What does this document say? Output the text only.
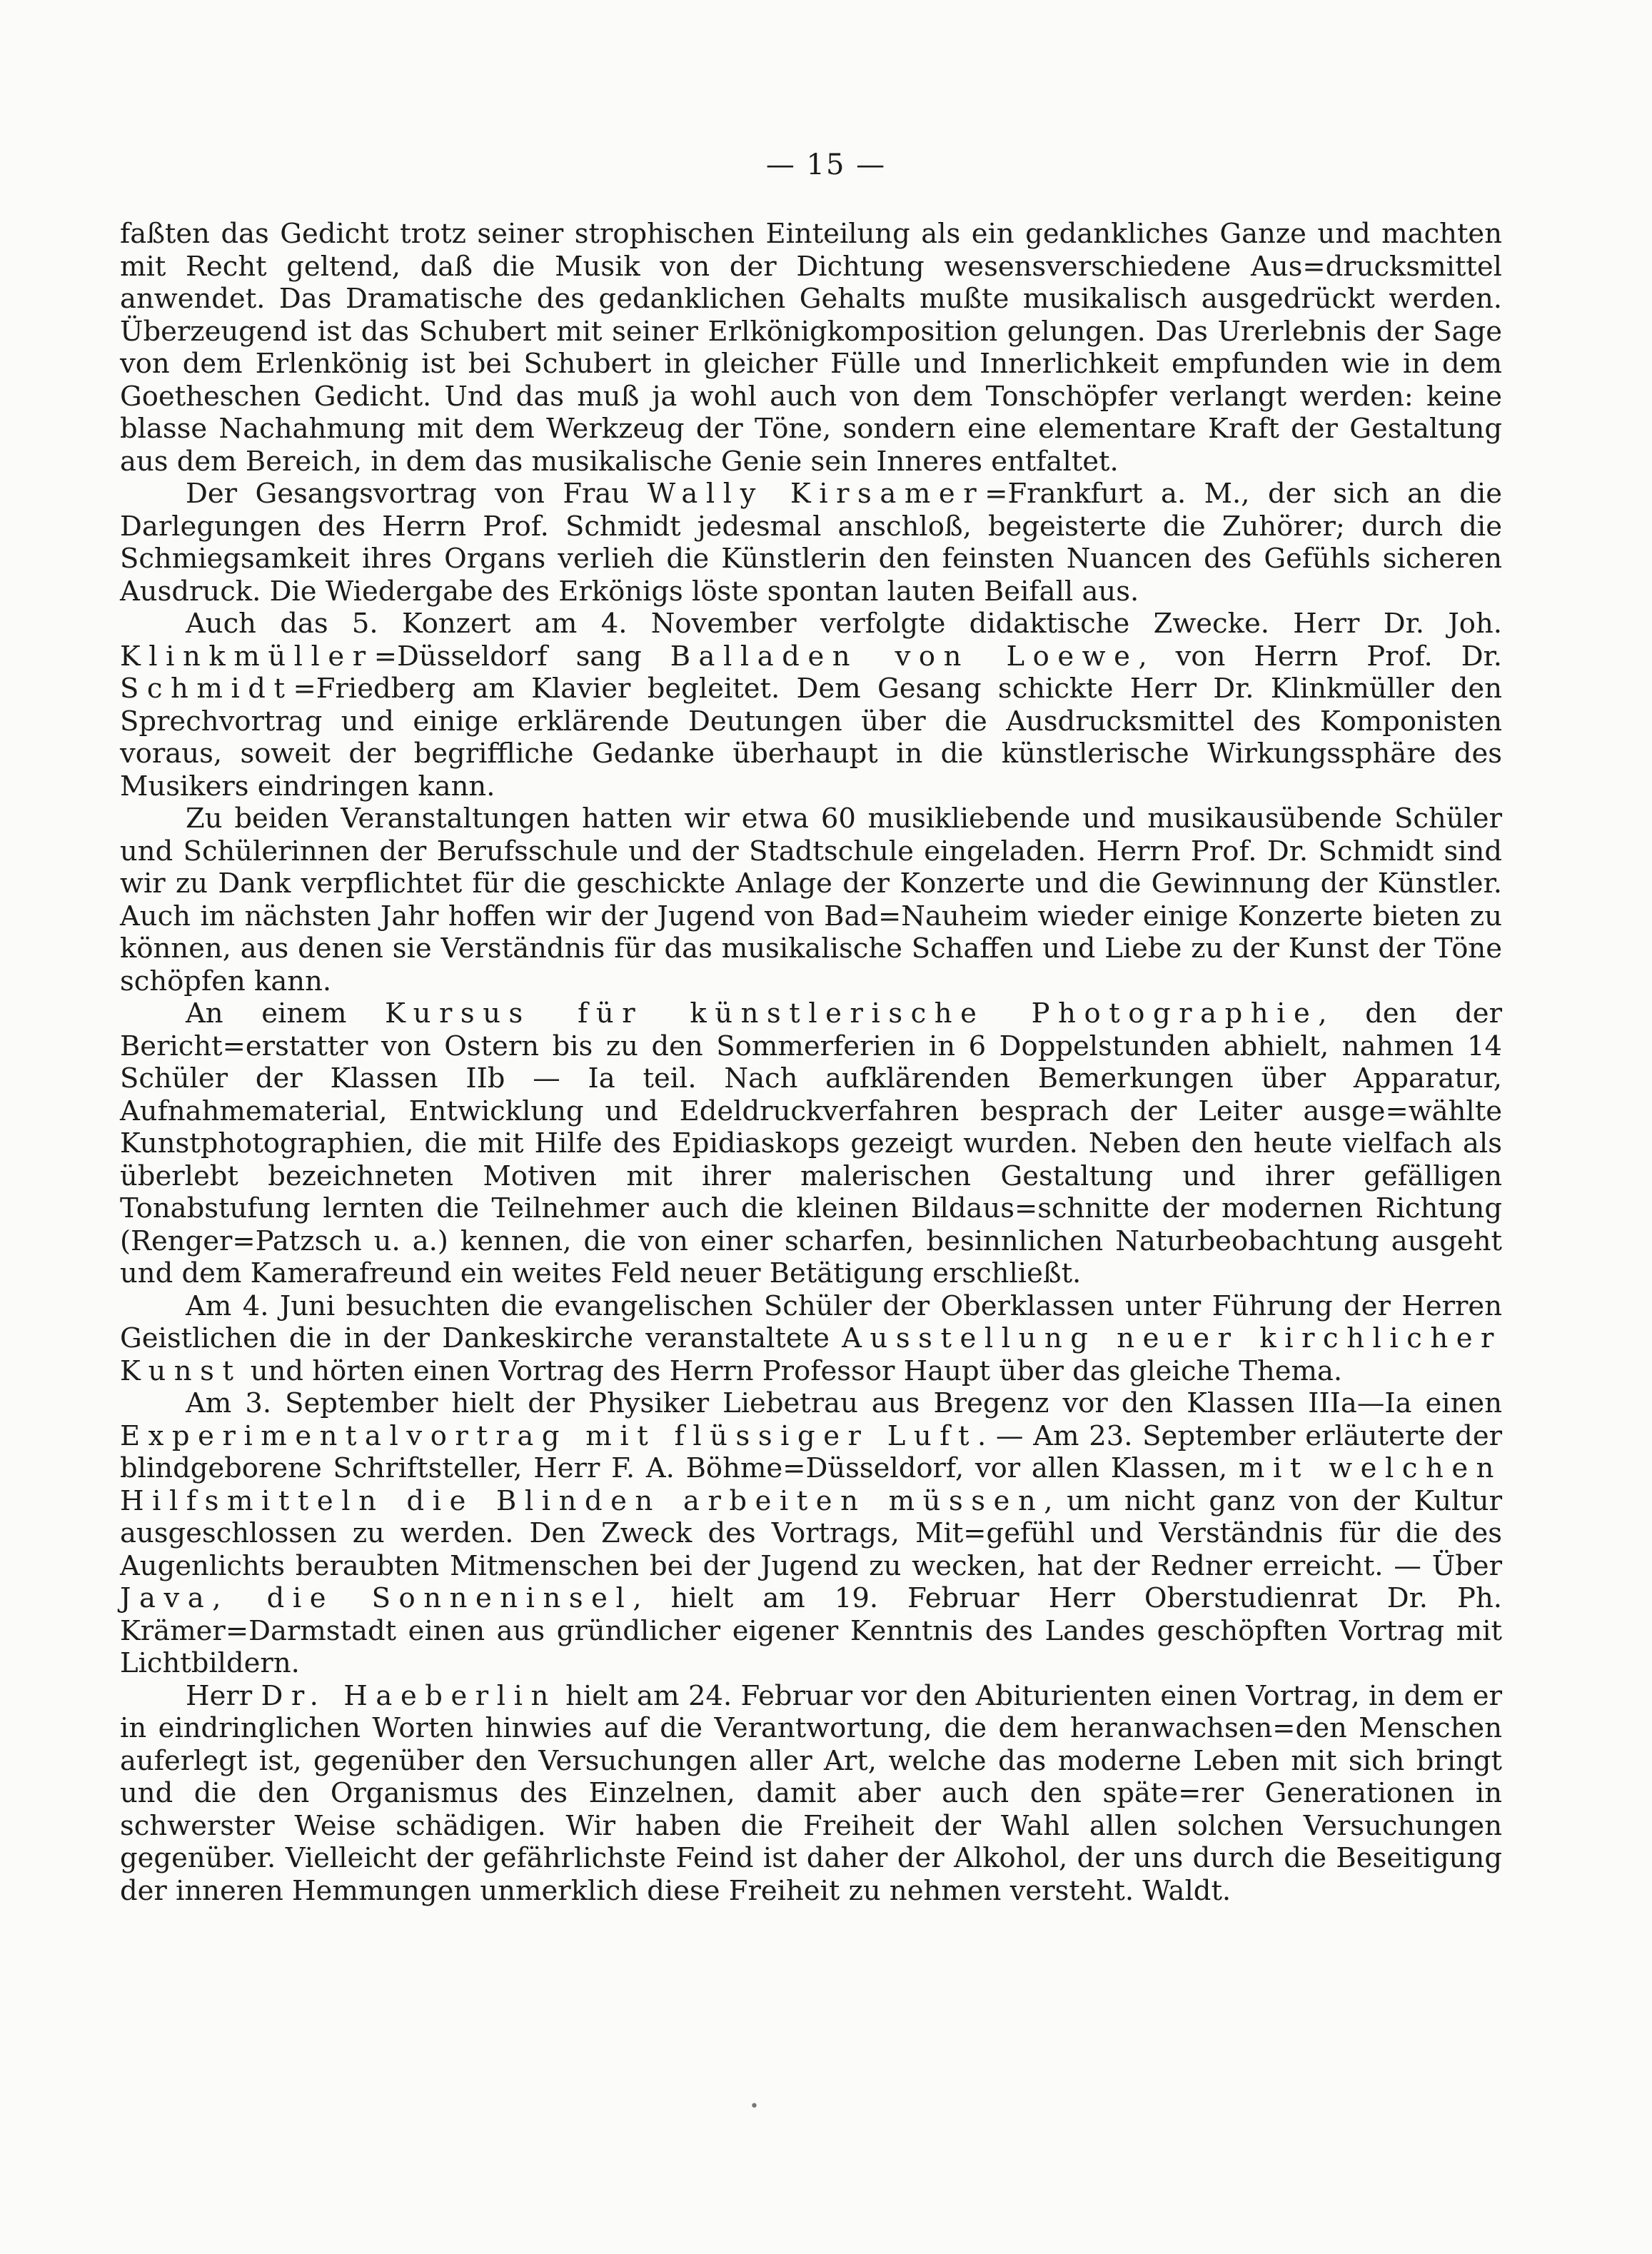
— 15 —

faßten das Gedicht trotz seiner strophischen Einteilung als ein gedankliches Ganze und machten mit Recht geltend, daß die Musik von der Dichtung wesensverschiedene Aus=drucksmittel anwendet. Das Dramatische des gedanklichen Gehalts mußte musikalisch ausgedrückt werden. Überzeugend ist das Schubert mit seiner Erlkönigkomposition gelungen. Das Urerlebnis der Sage von dem Erlenkönig ist bei Schubert in gleicher Fülle und Innerlichkeit empfunden wie in dem Goetheschen Gedicht. Und das muß ja wohl auch von dem Tonschöpfer verlangt werden: keine blasse Nachahmung mit dem Werkzeug der Töne, sondern eine elementare Kraft der Gestaltung aus dem Bereich, in dem das musikalische Genie sein Inneres entfaltet.

Der Gesangsvortrag von Frau Wally Kirsamer=Frankfurt a. M., der sich an die Darlegungen des Herrn Prof. Schmidt jedesmal anschloß, begeisterte die Zuhörer; durch die Schmiegsamkeit ihres Organs verlieh die Künstlerin den feinsten Nuancen des Gefühls sicheren Ausdruck. Die Wiedergabe des Erkönigs löste spontan lauten Beifall aus.

Auch das 5. Konzert am 4. November verfolgte didaktische Zwecke. Herr Dr. Joh. Klinkmüller=Düsseldorf sang Balladen von Loewe, von Herrn Prof. Dr. Schmidt=Friedberg am Klavier begleitet. Dem Gesang schickte Herr Dr. Klinkmüller den Sprechvortrag und einige erklärende Deutungen über die Ausdrucksmittel des Komponisten voraus, soweit der begriffliche Gedanke überhaupt in die künstlerische Wirkungssphäre des Musikers eindringen kann.

Zu beiden Veranstaltungen hatten wir etwa 60 musikliebende und musikausübende Schüler und Schülerinnen der Berufsschule und der Stadtschule eingeladen. Herrn Prof. Dr. Schmidt sind wir zu Dank verpflichtet für die geschickte Anlage der Konzerte und die Gewinnung der Künstler. Auch im nächsten Jahr hoffen wir der Jugend von Bad=Nauheim wieder einige Konzerte bieten zu können, aus denen sie Verständnis für das musikalische Schaffen und Liebe zu der Kunst der Töne schöpfen kann.

An einem Kursus für künstlerische Photographie, den der Bericht=erstatter von Ostern bis zu den Sommerferien in 6 Doppelstunden abhielt, nahmen 14 Schüler der Klassen IIb — Ia teil. Nach aufklärenden Bemerkungen über Apparatur, Aufnahmematerial, Entwicklung und Edeldruckverfahren besprach der Leiter ausge=wählte Kunstphotographien, die mit Hilfe des Epidiaskops gezeigt wurden. Neben den heute vielfach als überlebt bezeichneten Motiven mit ihrer malerischen Gestaltung und ihrer gefälligen Tonabstufung lernten die Teilnehmer auch die kleinen Bildaus=schnitte der modernen Richtung (Renger=Patzsch u. a.) kennen, die von einer scharfen, besinnlichen Naturbeobachtung ausgeht und dem Kamerafreund ein weites Feld neuer Betätigung erschließt.

Am 4. Juni besuchten die evangelischen Schüler der Oberklassen unter Führung der Herren Geistlichen die in der Dankeskirche veranstaltete Ausstellung neuer kirchlicher Kunst und hörten einen Vortrag des Herrn Professor Haupt über das gleiche Thema.

Am 3. September hielt der Physiker Liebetrau aus Bregenz vor den Klassen IIIa—Ia einen Experimentalvortrag mit flüssiger Luft. — Am 23. September erläuterte der blindgeborene Schriftsteller, Herr F. A. Böhme=Düsseldorf, vor allen Klassen, mit welchen Hilfsmitteln die Blinden arbeiten müssen, um nicht ganz von der Kultur ausgeschlossen zu werden. Den Zweck des Vortrags, Mit=gefühl und Verständnis für die des Augenlichts beraubten Mitmenschen bei der Jugend zu wecken, hat der Redner erreicht. — Über Java, die Sonneninsel, hielt am 19. Februar Herr Oberstudienrat Dr. Ph. Krämer=Darmstadt einen aus gründlicher eigener Kenntnis des Landes geschöpften Vortrag mit Lichtbildern.

Herr Dr. Haeberlin hielt am 24. Februar vor den Abiturienten einen Vortrag, in dem er in eindringlichen Worten hinwies auf die Verantwortung, die dem heranwachsen=den Menschen auferlegt ist, gegenüber den Versuchungen aller Art, welche das moderne Leben mit sich bringt und die den Organismus des Einzelnen, damit aber auch den späte=rer Generationen in schwerster Weise schädigen. Wir haben die Freiheit der Wahl allen solchen Versuchungen gegenüber. Vielleicht der gefährlichste Feind ist daher der Alkohol, der uns durch die Beseitigung der inneren Hemmungen unmerklich diese Freiheit zu nehmen versteht. Waldt.

•
